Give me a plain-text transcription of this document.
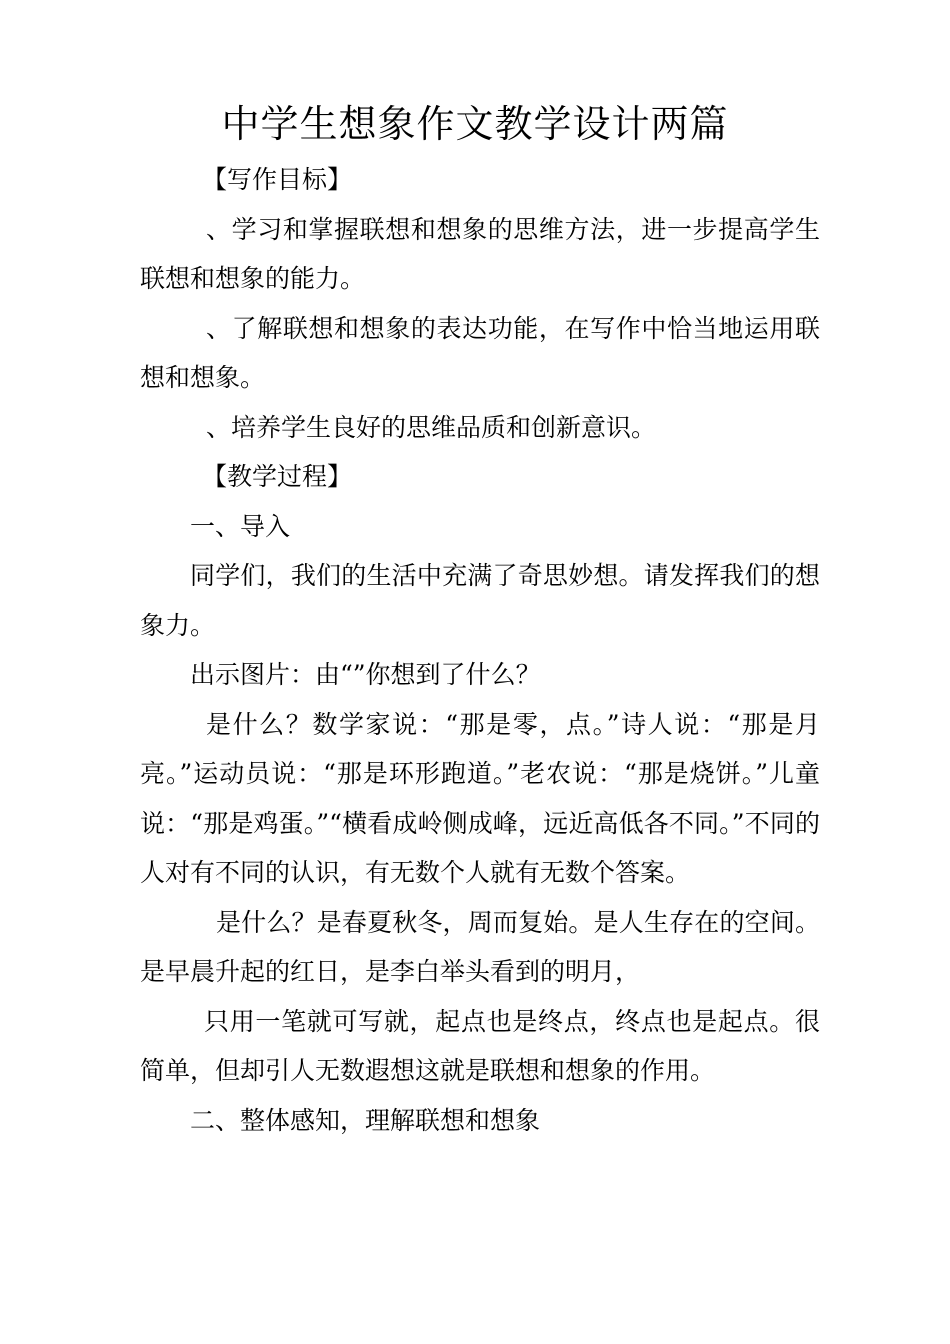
中学生想象作文教学设计两篇

【写作目标】

、学习和掌握联想和想象的思维方法，进一步提高学生联想和想象的能力。

、了解联想和想象的表达功能，在写作中恰当地运用联想和想象。

、培养学生良好的思维品质和创新意识。

【教学过程】

一、导入

同学们，我们的生活中充满了奇思妙想。请发挥我们的想象力。

出示图片：由“”你想到了什么？

是什么？数学家说：“那是零，点。”诗人说：“那是月亮。”运动员说：“那是环形跑道。”老农说：“那是烧饼。”儿童说：“那是鸡蛋。”“横看成岭侧成峰，远近高低各不同。”不同的人对有不同的认识，有无数个人就有无数个答案。

是什么？是春夏秋冬，周而复始。是人生存在的空间。是早晨升起的红日，是李白举头看到的明月，

只用一笔就可写就，起点也是终点，终点也是起点。很简单，但却引人无数遐想这就是联想和想象的作用。

二、整体感知，理解联想和想象
